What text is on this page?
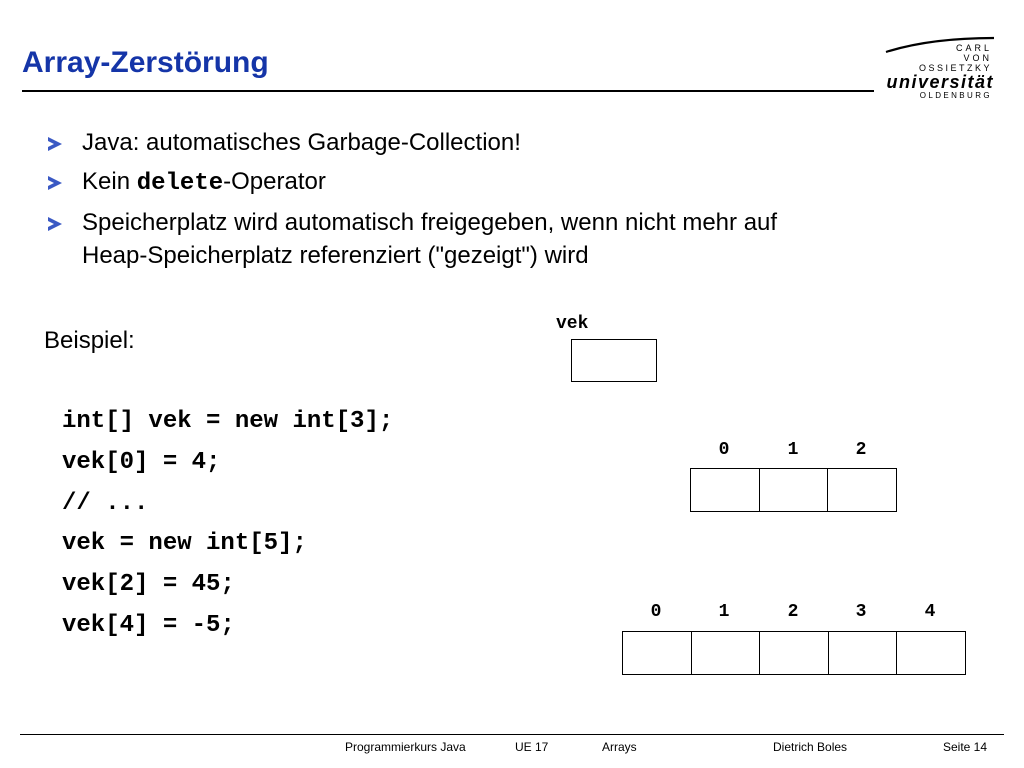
Array-Zerstörung	CARL
VON
OSSIETZKY
universität
OLDENBURG
Java: automatisches Garbage-Collection!
Kein delete-Operator
Speicherplatz wird automatisch freigegeben, wenn nicht mehr auf
Heap-Speicherplatz referenziert ("gezeigt") wird
Beispiel:
int[] vek = new int[3];
vek[0] = 4;
// ...
vek = new int[5];
vek[2] = 45;
vek[4] = -5;
vek
0	1	2
0	1	2	3	4
Programmierkurs Java	UE 17	Arrays	Dietrich Boles	Seite 14
